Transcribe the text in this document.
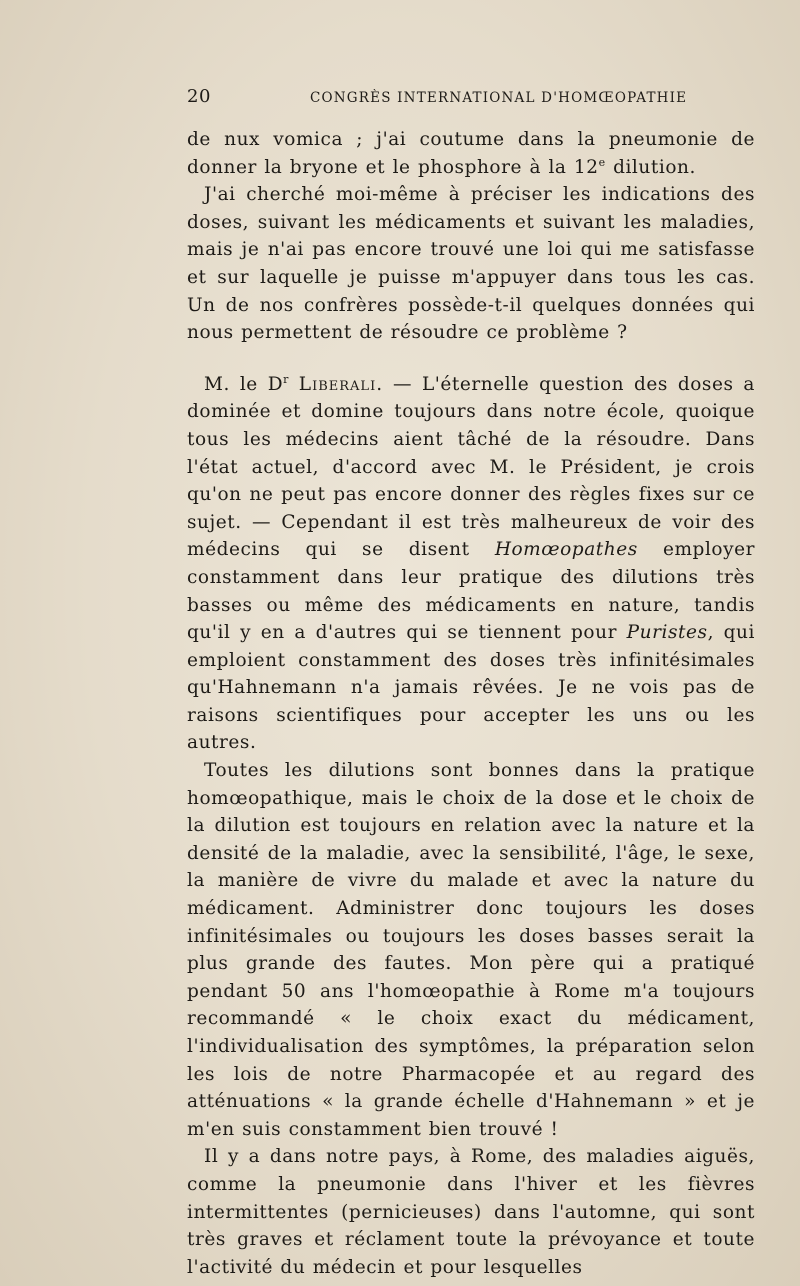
20	CONGRÈS INTERNATIONAL D'HOMŒOPATHIE

de nux vomica ; j'ai coutume dans la pneumonie de donner la bryone et le phosphore à la 12e dilution.

J'ai cherché moi-même à préciser les indications des doses, suivant les médicaments et suivant les maladies, mais je n'ai pas encore trouvé une loi qui me satisfasse et sur laquelle je puisse m'appuyer dans tous les cas. Un de nos confrères possède-t-il quelques données qui nous permettent de résoudre ce problème ?

M. le $D^r$ Liberali. — L'éternelle question des doses a dominée et domine toujours dans notre école, quoique tous les médecins aient tâché de la résoudre. Dans l'état actuel, d'accord avec M. le Président, je crois qu'on ne peut pas encore donner des règles fixes sur ce sujet. — Cependant il est très malheureux de voir des médecins qui se disent Homœopathes employer constamment dans leur pratique des dilutions très basses ou même des médicaments en nature, tandis qu'il y en a d'autres qui se tiennent pour Puristes, qui emploient constamment des doses très infinitésimales qu'Hahnemann n'a jamais rêvées. Je ne vois pas de raisons scientifiques pour accepter les uns ou les autres.

Toutes les dilutions sont bonnes dans la pratique homœopathique, mais le choix de la dose et le choix de la dilution est toujours en relation avec la nature et la densité de la maladie, avec la sensibilité, l'âge, le sexe, la manière de vivre du malade et avec la nature du médicament. Administrer donc toujours les doses infinitésimales ou toujours les doses basses serait la plus grande des fautes. Mon père qui a pratiqué pendant 50 ans l'homœopathie à Rome m'a toujours recommandé « le choix exact du médicament, l'individualisation des symptômes, la préparation selon les lois de notre Pharmacopée et au regard des atténuations « la grande échelle d'Hahnemann » et je m'en suis constamment bien trouvé !

Il y a dans notre pays, à Rome, des maladies aiguës, comme la pneumonie dans l'hiver et les fièvres intermittentes (pernicieuses) dans l'automne, qui sont très graves et réclament toute la prévoyance et toute l'activité du médecin et pour lesquelles
